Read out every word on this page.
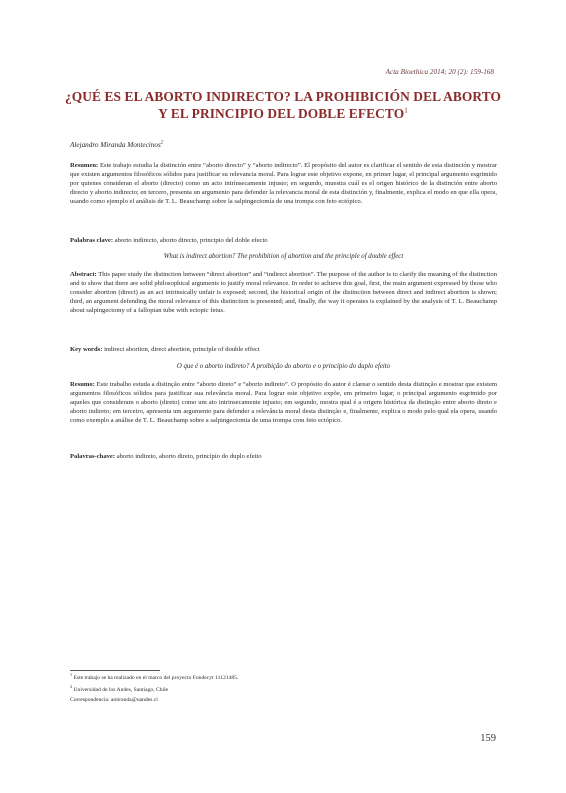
Acta Bioethica 2014; 20 (2): 159-168
¿QUÉ ES EL ABORTO INDIRECTO? LA PROHIBICIÓN DEL ABORTO Y EL PRINCIPIO DEL DOBLE EFECTO$^1$
Alejandro Miranda Montecinos$^2$
Resumen: Este trabajo estudia la distinción entre “aborto directo” y “aborto indirecto”. El propósito del autor es clarificar el sentido de esta distinción y mostrar que existen argumentos filosóficos sólidos para justificar su relevancia moral. Para lograr este objetivo expone, en primer lugar, el principal argumento esgrimido por quienes consideran el aborto (directo) como un acto intrínsecamente injusto; en segundo, muestra cuál es el origen histórico de la distinción entre aborto directo y aborto indirecto; en tercero, presenta un argumento para defender la relevancia moral de esta distinción y, finalmente, explica el modo en que ella opera, usando como ejemplo el análisis de T. L. Beauchamp sobre la salpingectomía de una trompa con feto ectópico.
Palabras clave: aborto indirecto, aborto directo, principio del doble efecto
What is indirect abortion? The prohibition of abortion and the principle of double effect
Abstract: This paper study the distinction between “direct abortion” and “indirect abortion”. The purpose of the author is to clarify the meaning of the distinction and to show that there are solid philosophical arguments to justify moral relevance. In order to achieve this goal, first, the main argument expressed by those who consider abortion (direct) as an act intrinsically unfair is exposed; second, the historical origin of the distinction between direct and indirect abortion is shown; third, an argument defending the moral relevance of this distinction is presented; and, finally, the way it operates is explained by the analysis of T. L. Beauchamp about salpingectomy of a fallopian tube with ectopic fetus.
Key words: indirect abortion, direct abortion, principle of double effect
O que é o aborto indireto? A proibição do aborto e o princípio do duplo efeito
Resumo: Este trabalho estuda a distinção entre “aborto direto” e “aborto indireto”. O propósito do autor é clarear o sentido desta distinção e mostrar que existem argumentos filosóficos sólidos para justificar sua relevância moral. Para lograr este objetivo expõe, em primeiro lugar, o principal argumento esgrimido por aqueles que consideram o aborto (direto) como um ato intrinsecamente injusto; em segundo, mostra qual é a origem histórica da distinção entre aborto direto e aborto indireto; em terceiro, apresenta um argumento para defender a relevância moral desta distinção e, finalmente, explica o modo pelo qual ela opera, usando como exemplo a análise de T. L. Beauchamp sobre a salpingectomia de uma trompa com feto ectópico.
Palavras-chave: aborto indireto, aborto direto, princípio do duplo efeito
$^1$ Este trabajo se ha realizado en el marco del proyecto Fondecyt 11121485.
$^2$ Universidad de los Andes, Santiago, Chile
Correspondencia: amiranda@uandes.cl
159
